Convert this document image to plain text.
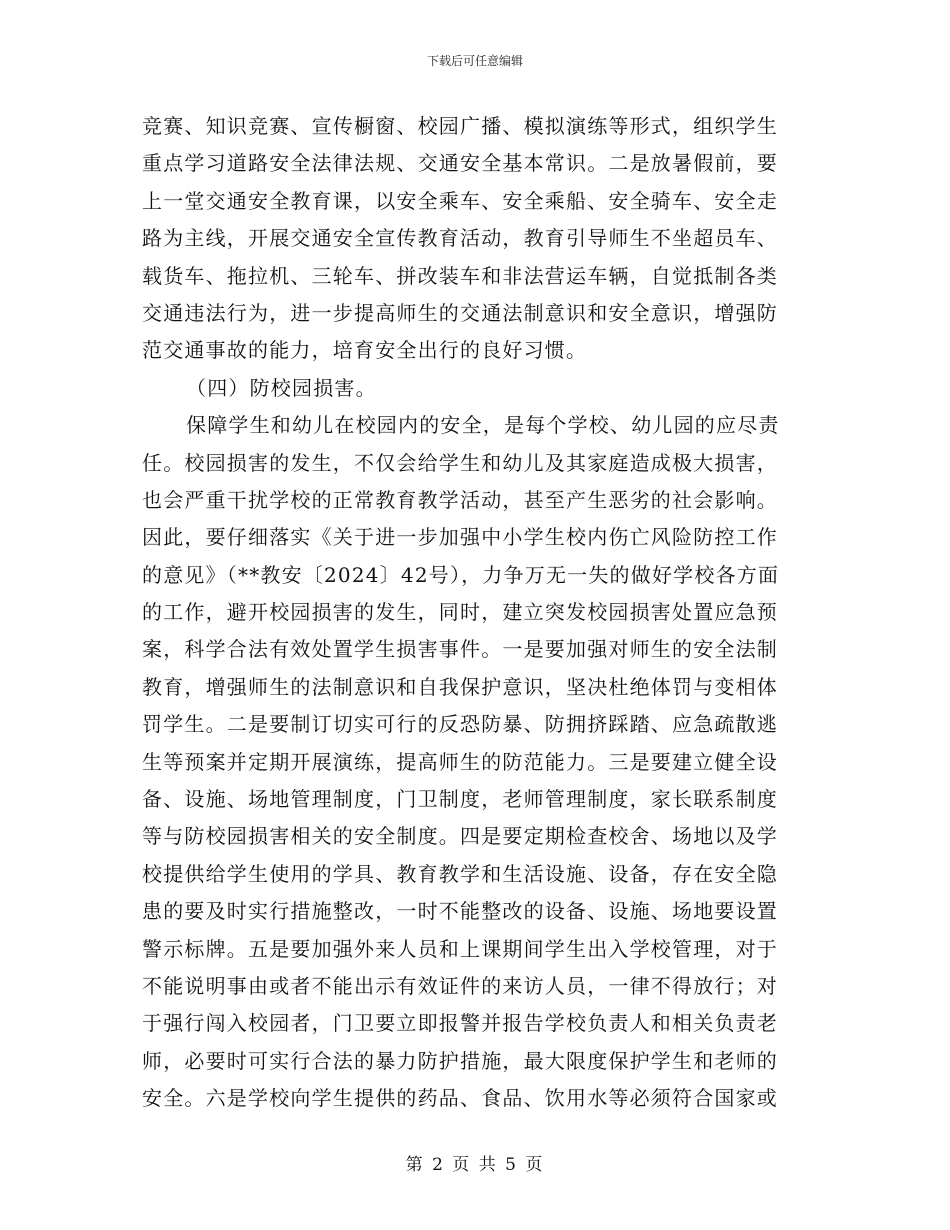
下载后可任意编辑
竞赛、知识竞赛、宣传橱窗、校园广播、模拟演练等形式，组织学生
重点学习道路安全法律法规、交通安全基本常识。二是放暑假前，要
上一堂交通安全教育课，以安全乘车、安全乘船、安全骑车、安全走
路为主线，开展交通安全宣传教育活动，教育引导师生不坐超员车、
载货车、拖拉机、三轮车、拼改装车和非法营运车辆，自觉抵制各类
交通违法行为，进一步提高师生的交通法制意识和安全意识，增强防
范交通事故的能力，培育安全出行的良好习惯。
（四）防校园损害。
保障学生和幼儿在校园内的安全，是每个学校、幼儿园的应尽责
任。校园损害的发生，不仅会给学生和幼儿及其家庭造成极大损害，
也会严重干扰学校的正常教育教学活动，甚至产生恶劣的社会影响。
因此，要仔细落实《关于进一步加强中小学生校内伤亡风险防控工作
的意见》（**教安〔2024〕42号），力争万无一失的做好学校各方面
的工作，避开校园损害的发生，同时，建立突发校园损害处置应急预
案，科学合法有效处置学生损害事件。一是要加强对师生的安全法制
教育，增强师生的法制意识和自我保护意识，坚决杜绝体罚与变相体
罚学生。二是要制订切实可行的反恐防暴、防拥挤踩踏、应急疏散逃
生等预案并定期开展演练，提高师生的防范能力。三是要建立健全设
备、设施、场地管理制度，门卫制度，老师管理制度，家长联系制度
等与防校园损害相关的安全制度。四是要定期检查校舍、场地以及学
校提供给学生使用的学具、教育教学和生活设施、设备，存在安全隐
患的要及时实行措施整改，一时不能整改的设备、设施、场地要设置
警示标牌。五是要加强外来人员和上课期间学生出入学校管理，对于
不能说明事由或者不能出示有效证件的来访人员，一律不得放行；对
于强行闯入校园者，门卫要立即报警并报告学校负责人和相关负责老
师，必要时可实行合法的暴力防护措施，最大限度保护学生和老师的
安全。六是学校向学生提供的药品、食品、饮用水等必须符合国家或
第 2 页 共 5 页
